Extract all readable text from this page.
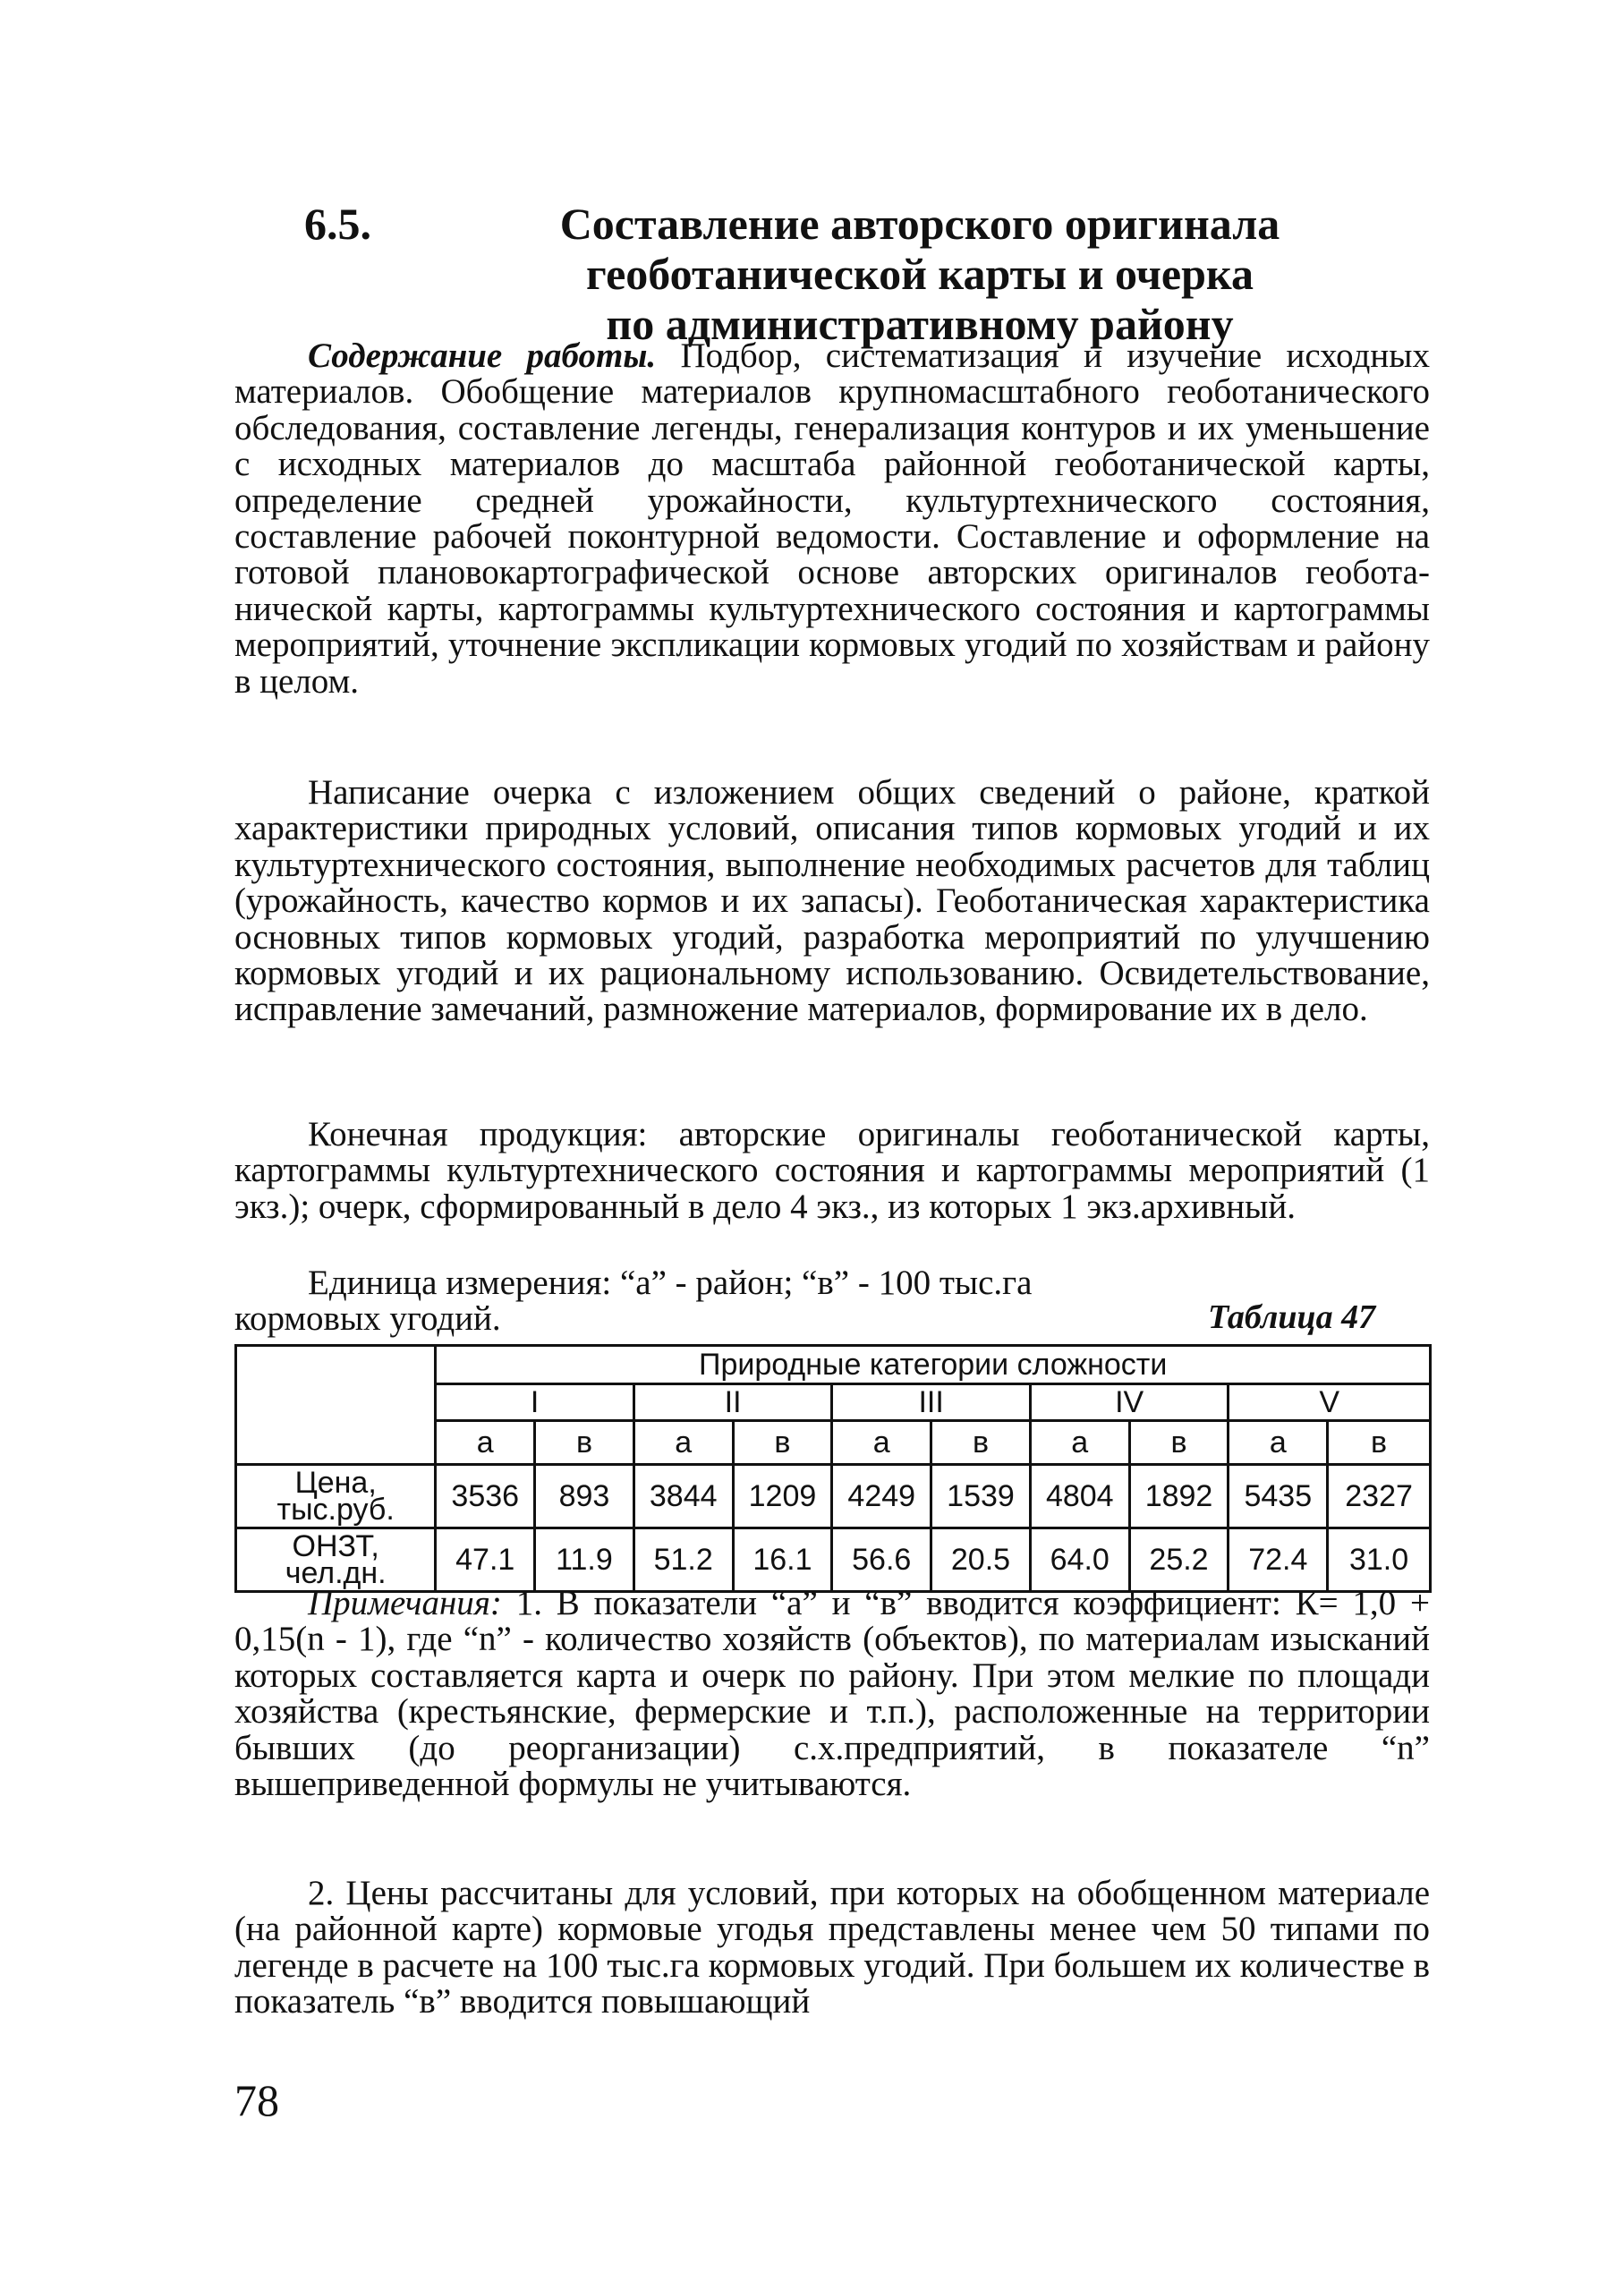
6.5.	Составление авторского оригинала
геоботанической карты и очерка
по административному району

Содержание работы. Подбор, систематизация и изучение исходных материалов. Обобщение материалов крупномасштабного геоботанического обследования, составление легенды, генерализация контуров и их уменьшение с исходных материалов до масштаба районной геоботанической карты, определение средней урожайности, культуртехнического состояния, составление рабочей поконтурной ведомости. Составление и оформление на готовой плановокартографической основе авторских оригиналов геоботанической карты, картограммы культуртехнического состояния и картограммы мероприятий, уточнение экспликации кормовых угодий по хозяйствам и району в целом.

Написание очерка с изложением общих сведений о районе, краткой характеристики природных условий, описания типов кормовых угодий и их культуртехнического состояния, выполнение необходимых расчетов для таблиц (урожайность, качество кормов и их запасы). Геоботаническая характеристика основных типов кормовых угодий, разработка мероприятий по улучшению кормовых угодий и их рациональному использованию. Освидетельствование, исправление замечаний, размножение материалов, формирование их в дело.

Конечная продукция: авторские оригиналы геоботанической карты, картограммы культуртехнического состояния и картограммы мероприятий (1 экз.); очерк, сформированный в дело 4 экз., из которых 1 экз.архивный.

Единица измерения: “а” - район; “в” - 100 тыс.га
кормовых угодий.	Таблица 47
	Природные категории сложности									
	I		II		III		IV		V	
	а	в	а	в	а	в	а	в	а	в
Цена,
тыс.руб.	3536	893	3844	1209	4249	1539	4804	1892	5435	2327
ОНЗТ,
чел.дн.	47.1	11.9	51.2	16.1	56.6	20.5	64.0	25.2	72.4	31.0

Примечания: 1. В показатели “а” и “в” вводится коэффициент: К= 1,0 + 0,15(n - 1), где “n” - количество хозяйств (объектов), по материалам изысканий которых составляется карта и очерк по району. При этом мелкие по площади хозяйства (крестьянские, фермерские и т.п.), расположенные на территории бывших (до реорганизации) с.х.предприятий, в показателе “n” вышеприведенной формулы не учитываются.

2. Цены рассчитаны для условий, при которых на обобщенном материале (на районной карте) кормовые угодья представлены менее чем 50 типами по легенде в расчете на 100 тыс.га кормовых угодий. При большем их количестве в показатель “в” вводится повышающий

78
